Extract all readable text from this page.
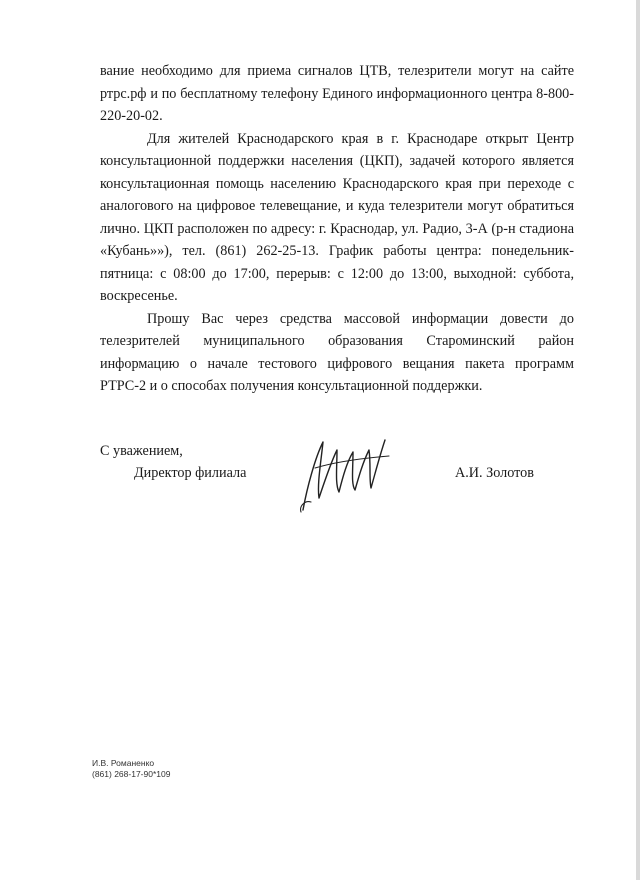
вание необходимо для приема сигналов ЦТВ, телезрители могут на сайте ртрс.рф и по бесплатному телефону Единого информационного центра 8-800-220-20-02.

Для жителей Краснодарского края в г. Краснодаре открыт Центр консультационной поддержки населения (ЦКП), задачей которого является консультационная помощь населению Краснодарского края при переходе с аналогового на цифровое телевещание, и куда телезрители могут обратиться лично. ЦКП расположен по адресу: г. Краснодар, ул. Радио, 3-А (р-н стадиона «Кубань»»), тел. (861) 262-25-13. График работы центра: понедельник-пятница: с 08:00 до 17:00, перерыв: с 12:00 до 13:00, выходной: суббота, воскресенье.

Прошу Вас через средства массовой информации довести до телезрителей муниципального образования Староминский район информацию о начале тестового цифрового вещания пакета программ РТРС-2 и о способах получения консультационной поддержки.

С уважением,
Директор филиала	А.И. Золотов
И.В. Романенко
(861) 268-17-90*109
